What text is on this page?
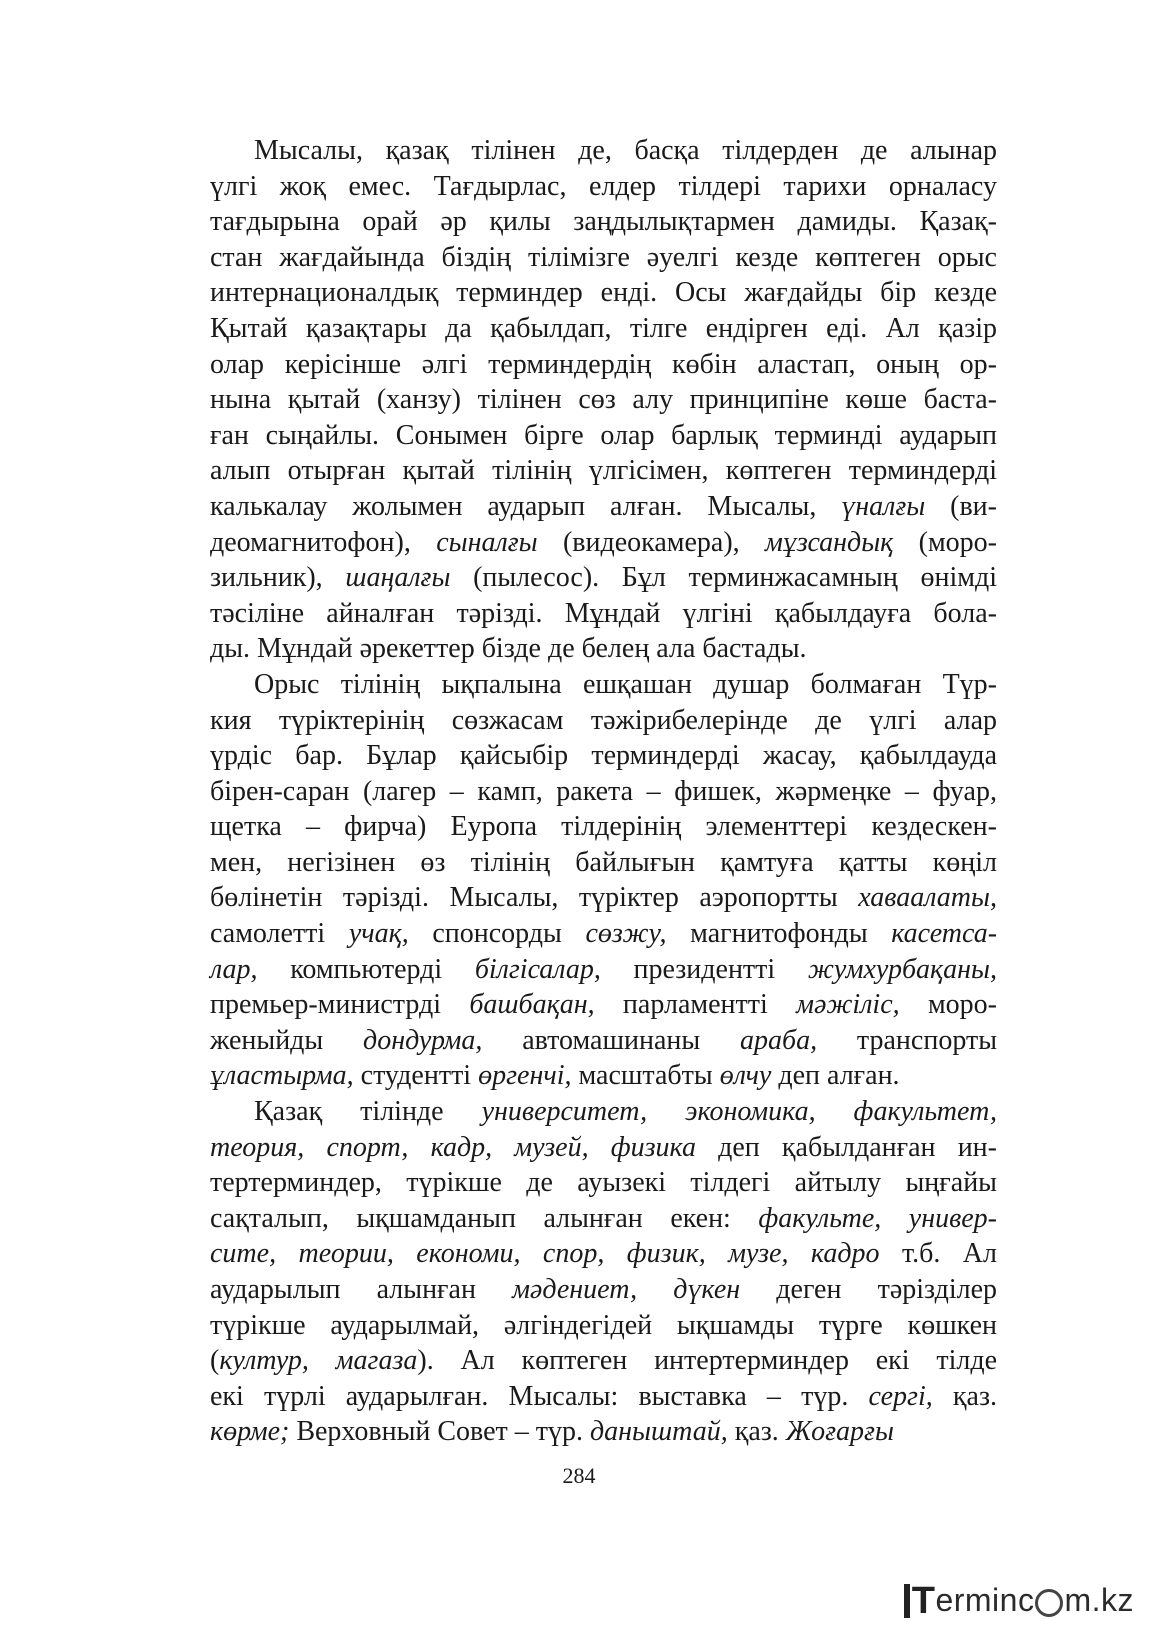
Мысалы, қазақ тілінен де, басқа тілдерден де алынар
үлгі жоқ емес. Тағдырлас, елдер тілдері тарихи орналасу
тағдырына орай әр қилы заңдылықтармен дамиды. Қазақ-
стан жағдайында біздің тілімізге әуелгі кезде көптеген орыс
интернационалдық терминдер енді. Осы жағдайды бір кезде
Қытай қазақтары да қабылдап, тілге ендірген еді. Ал қазір
олар керісінше әлгі терминдердің көбін аластап, оның ор-
нына қытай (ханзу) тілінен сөз алу принципіне көше баста-
ған сыңайлы. Сонымен бірге олар барлық терминді аударып
алып отырған қытай тілінің үлгісімен, көптеген терминдерді
калькалау жолымен аударып алған. Мысалы, үналғы (ви-
деомагнитофон), сыналғы (видеокамера), мұзсандық (моро-
зильник), шаңалғы (пылесос). Бұл терминжасамның өнімді
тәсіліне айналған тәрізді. Мұндай үлгіні қабылдауға бола-
ды. Мұндай әрекеттер бізде де белең ала бастады.
Орыс тілінің ықпалына ешқашан душар болмаған Түр-
кия түріктерінің сөзжасам тәжірибелерінде де үлгі алар
үрдіс бар. Бұлар қайсыбір терминдерді жасау, қабылдауда
бірен-саран (лагер – камп, ракета – фишек, жәрмеңке – фуар,
щетка – фирча) Еуропа тілдерінің элементтері кездескен-
мен, негізінен өз тілінің байлығын қамтуға қатты көңіл
бөлінетін тәрізді. Мысалы, түріктер аэропортты хаваалаты,
самолетті учақ, спонсорды сөзжу, магнитофонды касетса-
лар, компьютерді білгісалар, президентті жумхурбақаны,
премьер-министрді башбақан, парламентті мәжіліс, моро-
женыйды дондурма, автомашинаны араба, транспорты
ұластырма, студентті өргенчі, масштабты өлчу деп алған.
Қазақ тілінде университет, экономика, факультет,
теория, спорт, кадр, музей, физика деп қабылданған ин-
тертерминдер, түрікше де ауызекі тілдегі айтылу ыңғайы
сақталып, ықшамданып алынған екен: факульте, универ-
сите, теории, економи, спор, физик, музе, кадро т.б. Ал
аударылып алынған мәдениет, дүкен деген тәріздiлер
түрікше аударылмай, әлгіндегідей ықшамды түрге көшкен
(култур, магаза). Ал көптеген интертерминдер екі тілде
екі түрлі аударылған. Мысалы: выставка – түр. сергі, қаз.
көрме; Верховный Совет – түр. даныштай, қаз. Жоғарғы
284
T erminc m.kz
